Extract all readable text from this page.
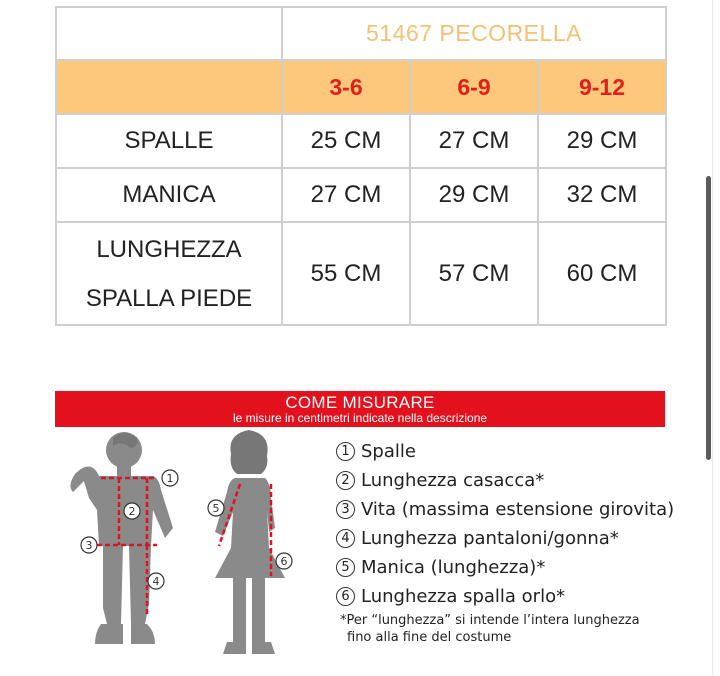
	51467 PECORELLA		
	3-6	6-9	9-12
SPALLE	25 CM	27 CM	29 CM
MANICA	27 CM	29 CM	32 CM

LUNGHEZZA
SPALLA PIEDE	55 CM	57 CM	60 CM
COME MISURARE
le misure in centimetri indicate nella descrizione
1
2
3
4
5
6
1 Spalle
2 Lunghezza casacca*
3 Vita (massima estensione girovita)
4 Lunghezza pantaloni/gonna*
5 Manica (lunghezza)*
6 Lunghezza spalla orlo*
*Per “lunghezza” si intende l’intera lunghezza
fino alla fine del costume
